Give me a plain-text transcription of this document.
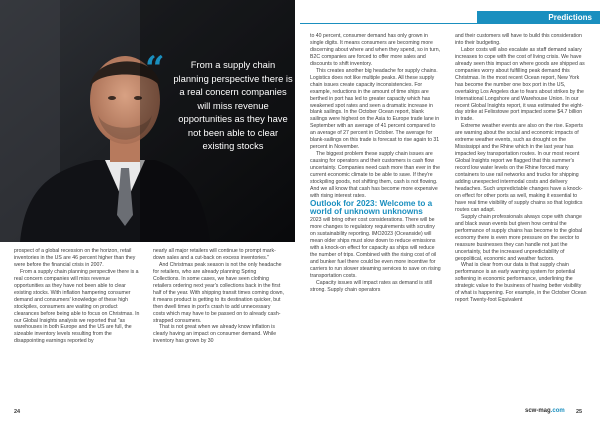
“	From a supply chain planning perspective there is a real concern companies will miss revenue opportunities as they have not been able to clear existing stocks
Predictions

prospect of a global recession on the horizon, retail inventories in the US are 46 percent higher than they were before the financial crisis in 2007.

From a supply chain planning perspective there is a real concern companies will miss revenue opportunities as they have not been able to clear existing stocks. With inflation hampering consumer demand and consumers' knowledge of these high stockpiles, consumers are waiting on product clearances before being able to focus on Christmas. In our Global Insights analysis we reported that "as warehouses in both Europe and the US are full, the sizeable inventory levels resulting from the disappointing earnings reported by

nearly all major retailers will continue to prompt mark-down sales and a cut-back on excess inventories."

And Christmas peak season is not the only headache for retailers, who are already planning Spring Collections. In some cases, we have seen clothing retailers ordering next year's collections back in the first half of the year. With shipping transit times coming down, it means product is getting to its destination quicker, but then dwell times in port's crash to add unnecessary costs which may have to be passed on to already cash-strapped consumers.

That is not great when we already know inflation is clearly having an impact on consumer demand. While inventory has grown by 30

to 40 percent, consumer demand has only grown in single digits. It means consumers are becoming more discerning about where and when they spend, so in turn, B2C companies are forced to offer more sales and discounts to shift inventory.

This creates another big headache for supply chains. Logistics does not like multiple peaks. All these supply chain issues create capacity inconsistencies. For example, reductions in the amount of time ships are berthed in port has led to greater capacity which has weakened spot rates and seen a dramatic increase in blank sailings. In the October Ocean report, blank sailings were highest on the Asia to Europe trade lane in September with an average of 41 percent compared to an average of 27 percent in October. The average for blank-sailings on this trade is forecast to rise again to 31 percent in November.

The biggest problem these supply chain issues are causing for operators and their customers is cash flow uncertainty. Companies need cash more than ever in the current economic climate to be able to save. If they're stockpiling goods, not shifting them, cash is not flowing. And we all know that cash has become more expensive with rising interest rates.

Outlook for 2023: Welcome to a world of unknown unknowns

2023 will bring other cost considerations. There will be more changes to regulatory requirements with scrutiny on sustainability reporting. IMO2023 (Oceanside) will mean older ships must slow down to reduce emissions with a knock-on effect for capacity as ships will reduce the number of trips. Combined with the rising cost of oil and bunker fuel there could be even more incentive for carriers to run slower steaming services to save on rising transportation costs.

Capacity issues will impact rates as demand is still strong. Supply chain operators

and their customers will have to build this consideration into their budgeting.

Labor costs will also escalate as staff demand salary increases to cope with the cost of living crisis. We have already seen this impact on where goods are shipped as companies worry about fulfilling peak demand this Christmas. In the most recent Ocean report, New York has become the number one box port in the US, overtaking Los Angeles due to fears about strikes by the International Longshore and Warehouse Union. In our recent Global Insights report, it was estimated the eight-day strike at Felixstowe port impacted some $4.7 billion in trade.

Extreme weather events are also on the rise. Experts are warning about the social and economic impacts of extreme weather events, such as drought on the Mississippi and the Rhine which in the last year has impacted key transportation routes. In our most recent Global Insights report we flagged that this summer's record low water levels on the Rhine forced many containers to use rail networks and trucks for shipping adding unexpected intermodal costs and delivery headaches. Such unpredictable changes have a knock-on effect for other ports as well, making it essential to have real time visibility of supply chains so that logistics routes can adapt.

Supply chain professionals always cope with change and black swan events but given how central the performance of supply chains has become to the global economy there is even more pressure on the sector to reassure businesses they can handle not just the uncertainty, but the increased unpredictability of geopolitical, economic and weather factors.

What is clear from our data is that supply chain performance is an early warning system for potential softening in economic performance, underlining the strategic value to the business of having better visibility of what is happening. For example, in the October Ocean report Twenty-foot Equivalent

24	scw-mag.com 25
